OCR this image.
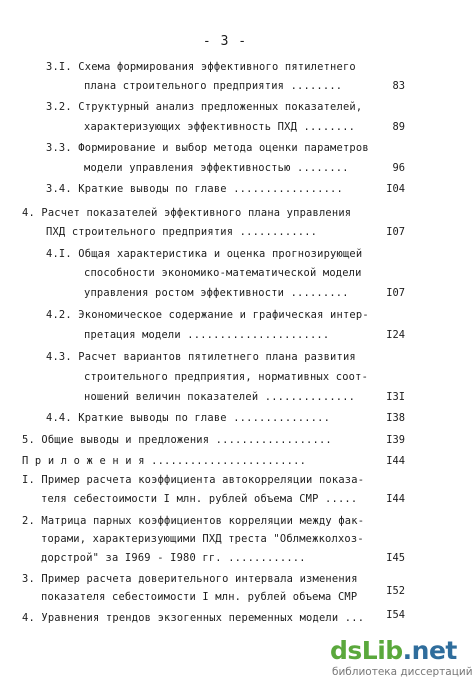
- 3 -
3.I. Схема формирования эффективного пятилетнего
плана строительного предприятия ........	83
3.2. Структурный анализ предложенных показателей,
характеризующих эффективность ПХД ........	89
3.3. Формирование и выбор метода оценки параметров
модели управления эффективностью ........	96
3.4. Краткие выводы по главе .................	I04
4. Расчет показателей эффективного плана управления
ПХД строительного предприятия ............	I07
4.I. Общая характеристика и оценка прогнозирующей
способности экономико-математической модели
управления ростом эффективности .........	I07
4.2. Экономическое содержание и графическая интер-
претация модели ......................	I24
4.3. Расчет вариантов пятилетнего плана развития
строительного предприятия, нормативных соот-
ношений величин показателей ..............	I3I
4.4. Краткие выводы по главе ...............	I38
5. Общие выводы и предложения ..................	I39
П р и л о ж е н и я ........................	I44
I. Пример расчета коэффициента автокорреляции показа-
теля себестоимости I млн. рублей объема СМР .....	I44
2. Матрица парных коэффициентов корреляции между фак-
торами, характеризующими ПХД треста "Облмежколхоз-
дорстрой" за I969 - I980 гг. ............	I45
3. Пример расчета доверительного интервала изменения
показателя себестоимости I млн. рублей объема СМР	I52
4. Уравнения трендов экзогенных переменных модели ...	I54
dsLib.net
библиотека диссертаций
